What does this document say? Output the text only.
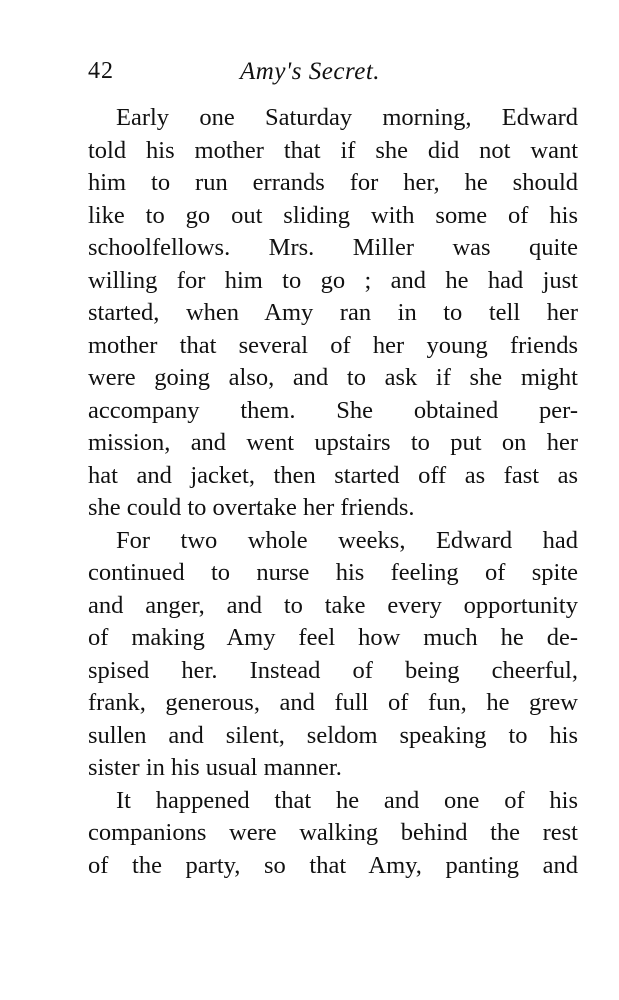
42	Amy's Secret.
Early one Saturday morning, Edward
told his mother that if she did not want
him to run errands for her, he should
like to go out sliding with some of his
schoolfellows. Mrs. Miller was quite
willing for him to go ; and he had just
started, when Amy ran in to tell her
mother that several of her young friends
were going also, and to ask if she might
accompany them. She obtained per-
mission, and went upstairs to put on her
hat and jacket, then started off as fast as
she could to overtake her friends.
For two whole weeks, Edward had
continued to nurse his feeling of spite
and anger, and to take every opportunity
of making Amy feel how much he de-
spised her. Instead of being cheerful,
frank, generous, and full of fun, he grew
sullen and silent, seldom speaking to his
sister in his usual manner.
It happened that he and one of his
companions were walking behind the rest
of the party, so that Amy, panting and
